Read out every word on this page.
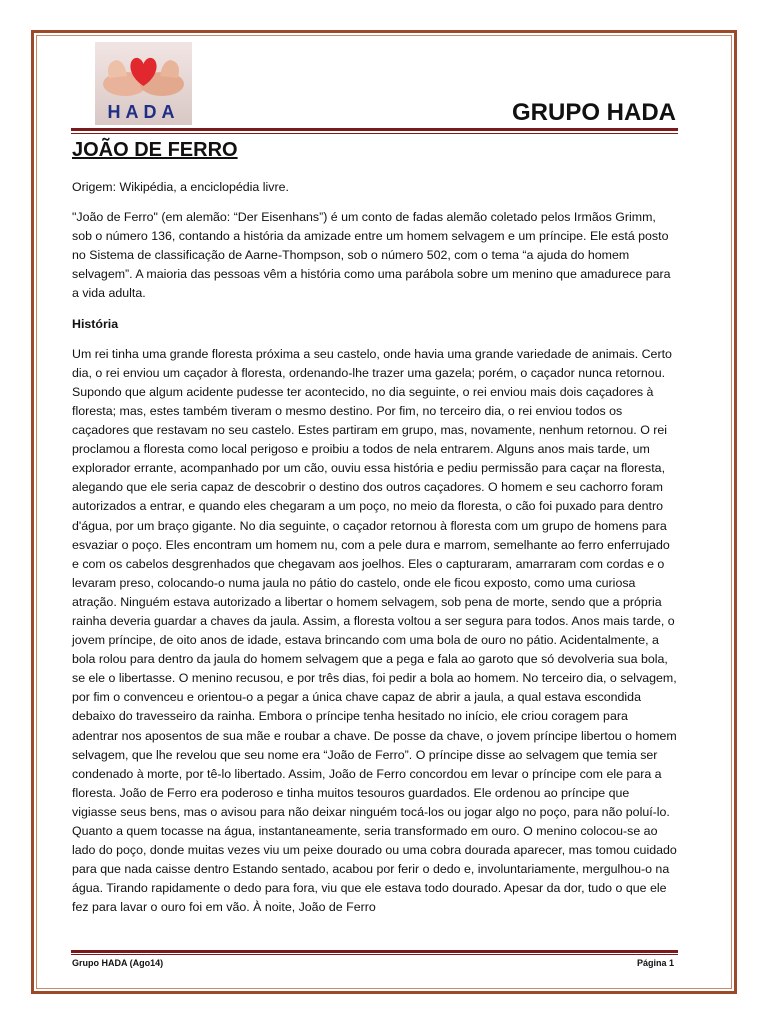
HADA	GRUPO HADA
JOÃO DE FERRO

Origem: Wikipédia, a enciclopédia livre.

"João de Ferro" (em alemão: “Der Eisenhans”) é um conto de fadas alemão coletado pelos Irmãos Grimm, sob o número 136, contando a história da amizade entre um homem selvagem e um príncipe. Ele está posto no Sistema de classificação de Aarne-Thompson, sob o número 502, com o tema “a ajuda do homem selvagem”. A maioria das pessoas vêm a história como uma parábola sobre um menino que amadurece para a vida adulta.

História

Um rei tinha uma grande floresta próxima a seu castelo, onde havia uma grande variedade de animais. Certo dia, o rei enviou um caçador à floresta, ordenando-lhe trazer uma gazela; porém, o caçador nunca retornou. Supondo que algum acidente pudesse ter acontecido, no dia seguinte, o rei enviou mais dois caçadores à floresta; mas, estes também tiveram o mesmo destino. Por fim, no terceiro dia, o rei enviou todos os caçadores que restavam no seu castelo. Estes partiram em grupo, mas, novamente, nenhum retornou. O rei proclamou a floresta como local perigoso e proibiu a todos de nela entrarem. Alguns anos mais tarde, um explorador errante, acompanhado por um cão, ouviu essa história e pediu permissão para caçar na floresta, alegando que ele seria capaz de descobrir o destino dos outros caçadores. O homem e seu cachorro foram autorizados a entrar, e quando eles chegaram a um poço, no meio da floresta, o cão foi puxado para dentro d'água, por um braço gigante. No dia seguinte, o caçador retornou à floresta com um grupo de homens para esvaziar o poço. Eles encontram um homem nu, com a pele dura e marrom, semelhante ao ferro enferrujado e com os cabelos desgrenhados que chegavam aos joelhos. Eles o capturaram, amarraram com cordas e o levaram preso, colocando-o numa jaula no pátio do castelo, onde ele ficou exposto, como uma curiosa atração. Ninguém estava autorizado a libertar o homem selvagem, sob pena de morte, sendo que a própria rainha deveria guardar a chaves da jaula. Assim, a floresta voltou a ser segura para todos. Anos mais tarde, o jovem príncipe, de oito anos de idade, estava brincando com uma bola de ouro no pátio. Acidentalmente, a bola rolou para dentro da jaula do homem selvagem que a pega e fala ao garoto que só devolveria sua bola, se ele o libertasse. O menino recusou, e por três dias, foi pedir a bola ao homem. No terceiro dia, o selvagem, por fim o convenceu e orientou-o a pegar a única chave capaz de abrir a jaula, a qual estava escondida debaixo do travesseiro da rainha. Embora o príncipe tenha hesitado no início, ele criou coragem para adentrar nos aposentos de sua mãe e roubar a chave. De posse da chave, o jovem príncipe libertou o homem selvagem, que lhe revelou que seu nome era “João de Ferro”. O príncipe disse ao selvagem que temia ser condenado à morte, por tê-lo libertado. Assim, João de Ferro concordou em levar o príncipe com ele para a floresta. João de Ferro era poderoso e tinha muitos tesouros guardados. Ele ordenou ao príncipe que vigiasse seus bens, mas o avisou para não deixar ninguém tocá-los ou jogar algo no poço, para não poluí-lo. Quanto a quem tocasse na água, instantaneamente, seria transformado em ouro. O menino colocou-se ao lado do poço, donde muitas vezes viu um peixe dourado ou uma cobra dourada aparecer, mas tomou cuidado para que nada caisse dentro Estando sentado, acabou por ferir o dedo e, involuntariamente, mergulhou-o na água. Tirando rapidamente o dedo para fora, viu que ele estava todo dourado. Apesar da dor, tudo o que ele fez para lavar o ouro foi em vão. À noite, João de Ferro

Grupo HADA (Ago14)	Página 1
